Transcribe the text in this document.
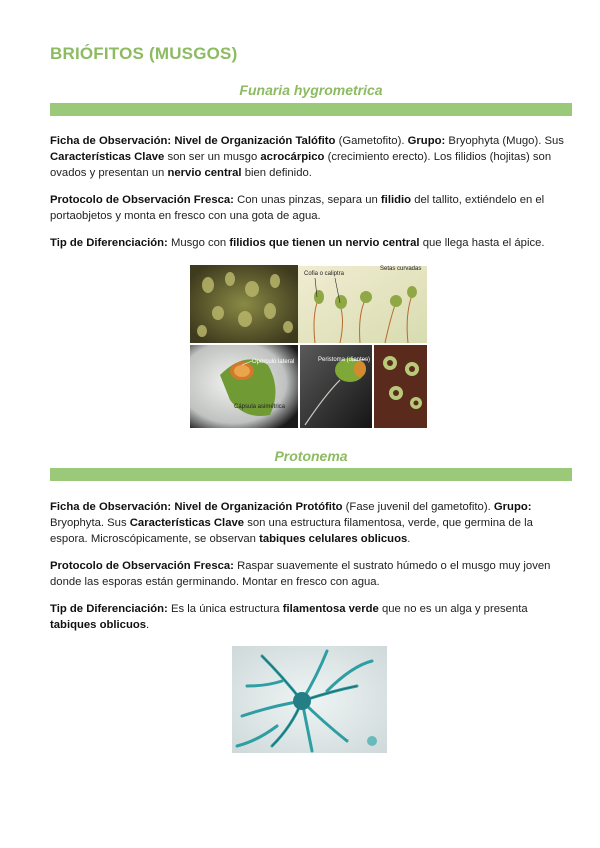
BRIÓFITOS (MUSGOS)
Funaria hygrometrica

Ficha de Observación: Nivel de Organización Talófito (Gametofito). Grupo: Bryophyta (Mugo). Sus Características Clave son ser un musgo acrocárpico (crecimiento erecto). Los filidios (hojitas) son ovados y presentan un nervio central bien definido.

Protocolo de Observación Fresca: Con unas pinzas, separa un filidio del tallito, extiéndelo en el portaobjetos y monta en fresco con una gota de agua.

Tip de Diferenciación: Musgo con filidios que tienen un nervio central que llega hasta el ápice.

Cofia o caliptra
Setas curvadas
Opérculo lateral
Cápsula asimétrica
Peristoma (dientes)
Protonema

Ficha de Observación: Nivel de Organización Protófito (Fase juvenil del gametofito). Grupo: Bryophyta. Sus Características Clave son una estructura filamentosa, verde, que germina de la espora. Microscópicamente, se observan tabiques celulares oblicuos.

Protocolo de Observación Fresca: Raspar suavemente el sustrato húmedo o el musgo muy joven donde las esporas están germinando. Montar en fresco con agua.

Tip de Diferenciación: Es la única estructura filamentosa verde que no es un alga y presenta tabiques oblicuos.

···
